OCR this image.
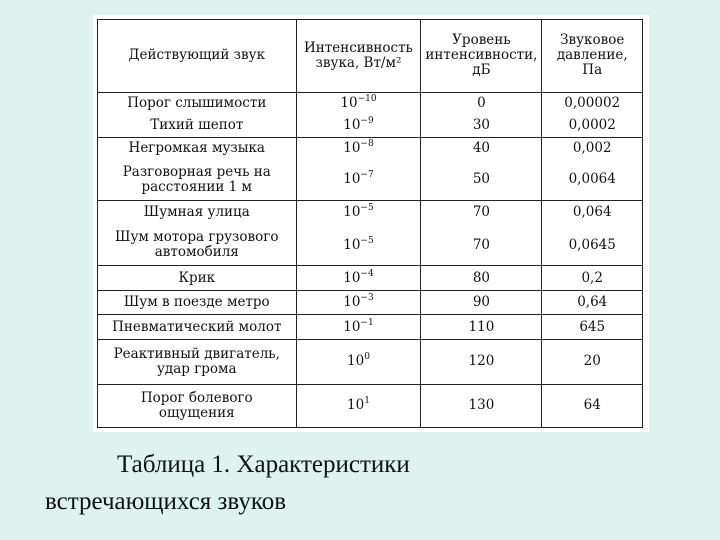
Действующий звук	Интенсивность звука, Вт/м²	Уровень интенсивности, дБ	Звуковое давление, Па
Порог слышимости	$10^{-10}$	0	0,00002
Тихий шепот	$10^{-9}$	30	0,0002
Негромкая музыка	$10^{-8}$	40	0,002
Разговорная речь на расстоянии 1 м	$10^{-7}$	50	0,0064
Шумная улица	$10^{-5}$	70	0,064
Шум мотора грузового автомобиля	$10^{-5}$	70	0,0645
Крик	$10^{-4}$	80	0,2
Шум в поезде метро	$10^{-3}$	90	0,64
Пневматический молот	$10^{-1}$	110	645
Реактивный двигатель, удар грома	$10^0$	120	20
Порог болевого ощущения	$10^1$	130	64
Таблица 1. Характеристики
встречающихся звуков
